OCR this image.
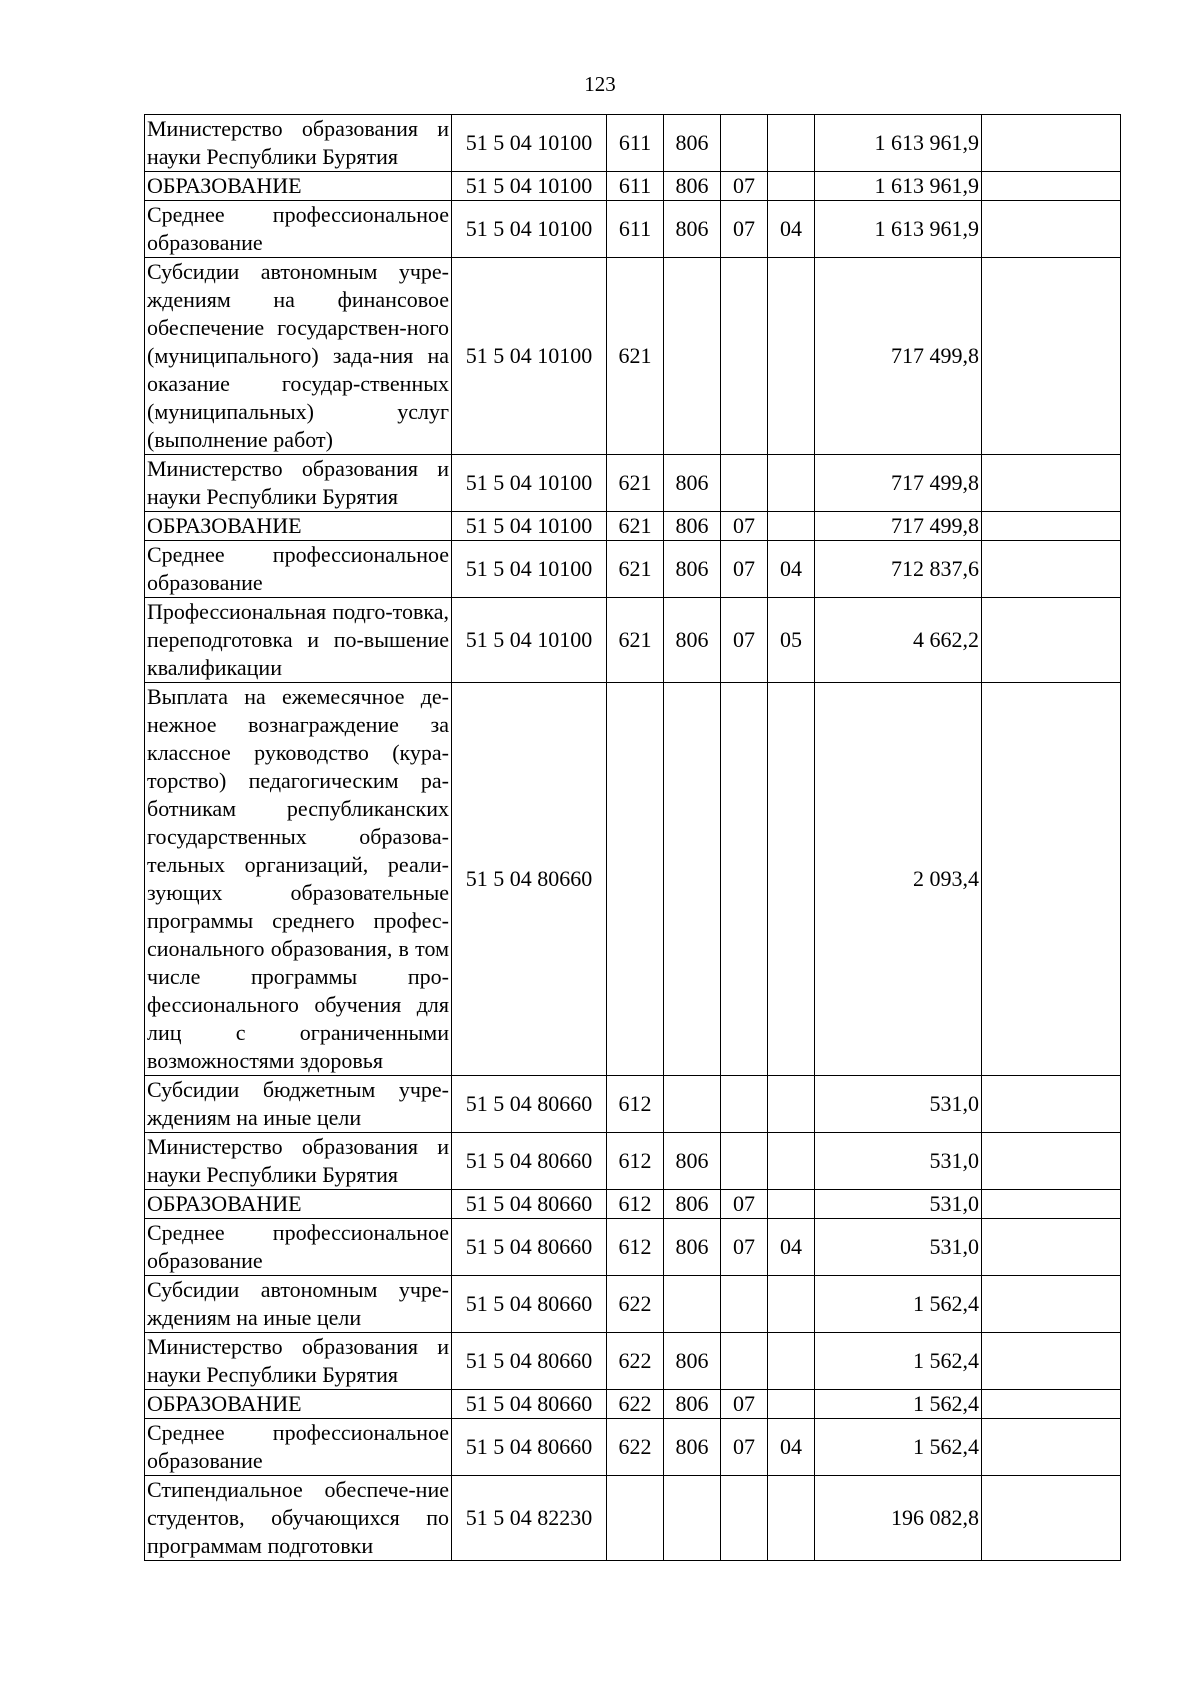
123
Министерство образования и науки Республики Бурятия	51 5 04 10100	611	806			1 613 961,9	
ОБРАЗОВАНИЕ	51 5 04 10100	611	806	07		1 613 961,9	
Среднее профессиональное образование	51 5 04 10100	611	806	07	04	1 613 961,9	
Субсидии автономным учре-ждениям на финансовое обеспечение государствен-ного (муниципального) зада-ния на оказание государ-ственных (муниципальных) услуг (выполнение работ)	51 5 04 10100	621				717 499,8	
Министерство образования и науки Республики Бурятия	51 5 04 10100	621	806			717 499,8	
ОБРАЗОВАНИЕ	51 5 04 10100	621	806	07		717 499,8	
Среднее профессиональное образование	51 5 04 10100	621	806	07	04	712 837,6	
Профессиональная подго-товка, переподготовка и по-вышение квалификации	51 5 04 10100	621	806	07	05	4 662,2	
Выплата на ежемесячное де-нежное вознаграждение за классное руководство (кура-торство) педагогическим ра-ботникам республиканских государственных образова-тельных организаций, реали-зующих образовательные программы среднего профес-сионального образования, в том числе программы про-фессионального обучения для лиц с ограниченными возможностями здоровья	51 5 04 80660					2 093,4	
Субсидии бюджетным учре-ждениям на иные цели	51 5 04 80660	612				531,0	
Министерство образования и науки Республики Бурятия	51 5 04 80660	612	806			531,0	
ОБРАЗОВАНИЕ	51 5 04 80660	612	806	07		531,0	
Среднее профессиональное образование	51 5 04 80660	612	806	07	04	531,0	
Субсидии автономным учре-ждениям на иные цели	51 5 04 80660	622				1 562,4	
Министерство образования и науки Республики Бурятия	51 5 04 80660	622	806			1 562,4	
ОБРАЗОВАНИЕ	51 5 04 80660	622	806	07		1 562,4	
Среднее профессиональное образование	51 5 04 80660	622	806	07	04	1 562,4	
Стипендиальное обеспече-ние студентов, обучающихся по программам подготовки	51 5 04 82230					196 082,8	
